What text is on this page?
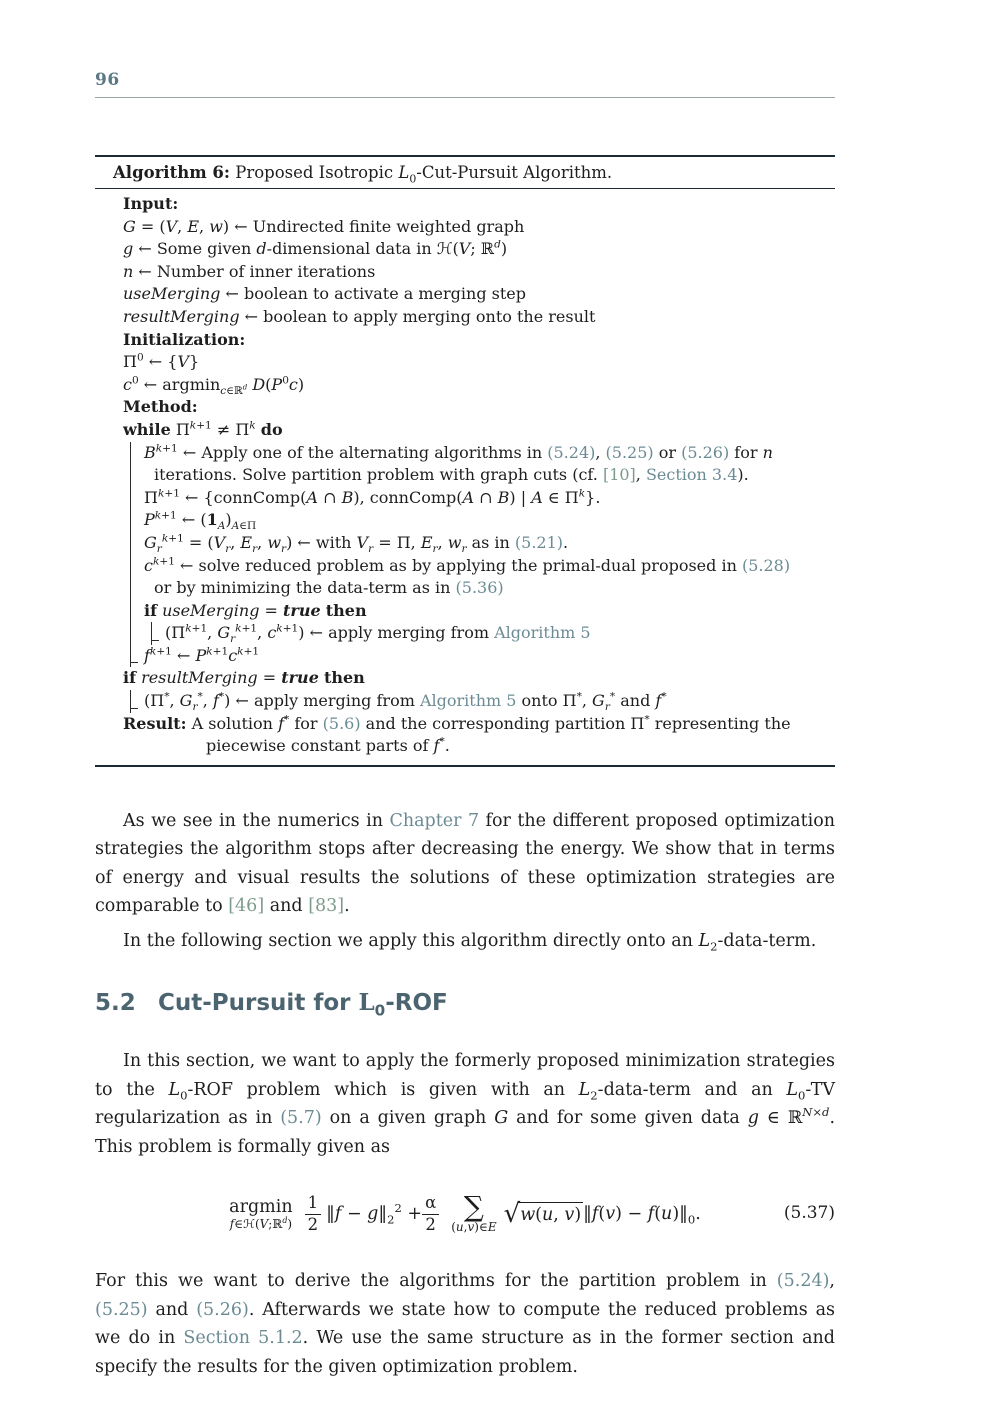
96
Algorithm 6: Proposed Isotropic $L_0-Cut$-Pursuit Algorithm.
Input:
G = (V, E, w) ← Undirected finite weighted graph
g ← Some given d-dimensional data in ℋ(V; ℝ$^d$)
n ← Number of inner iterations
useMerging ← boolean to activate a merging step
resultMerging ← boolean to apply merging onto the result
Initialization:
$\Pi^0$ ← {V}
$c^0$ ← argmin$_{c\in ℝ^d}$ $D(P^0c)$
Method:
while $\Pi^{k+1} \ne \Pi^k$ do
$B^{k+1}$ ← Apply one of the alternating algorithms in (5.24), (5.25) or (5.26) for n
iterations. Solve partition problem with graph cuts (cf. [10], Section 3.4).
$\Pi^{k+1}$ ← {connComp(A ∩ B), connComp(A ∩ B) | A ∈ $\Pi^k$}.
$P^{k+1}$ ← $(1_A)_{A\in\Pi}$
$G_r^{k+1} = (V_r$, $E_r$, $w_r$) ← with $V_r = \Pi$, $E_r$, $w_r$ as in (5.21).
$c^{k+1}$ ← solve reduced problem as by applying the primal-dual proposed in (5.28)
or by minimizing the data-term as in (5.36)
if useMerging = true then
($\Pi^{k+1}$, $G_r^{k+1}$, $c^{k+1}$) ← apply merging from Algorithm 5
$f^{k+1}$ ← $P^{k+1}c^{k+1}$
if resultMerging = true then
(Π*, $G_r^*$, f*) ← apply merging from Algorithm 5 onto Π*, $G_r^*$ and f*
Result: A solution f* for (5.6) and the corresponding partition Π* representing the
piecewise constant parts of f*.

As we see in the numerics in Chapter 7 for the different proposed optimization strategies the algorithm stops after decreasing the energy. We show that in terms of energy and visual results the solutions of these optimization strategies are comparable to [46] and [83].

In the following section we apply this algorithm directly onto an $L_2-data$-term.

5.2 Cut-Pursuit for $L_0$-ROF

In this section, we want to apply the formerly proposed minimization strategies to the $L_0$-ROF problem which is given with an $L_2-data$-term and an $L_0-TV$ regularization as in (5.7) on a given graph G and for some given data g ∈ ℝ$^{N\times d}$. This problem is formally given as

argmin
f∈ℋ(V;ℝ$^d$) $\frac{1}{2}$ ‖f − $g‖_2^2 + \frac{\alpha}{2}$ ∑
(u,v)∈E √ w(u, v) ‖f(v) − $f(u)‖_0$.	(5.37)

For this we want to derive the algorithms for the partition problem in (5.24), (5.25) and (5.26). Afterwards we state how to compute the reduced problems as we do in Section 5.1.2. We use the same structure as in the former section and specify the results for the given optimization problem.
